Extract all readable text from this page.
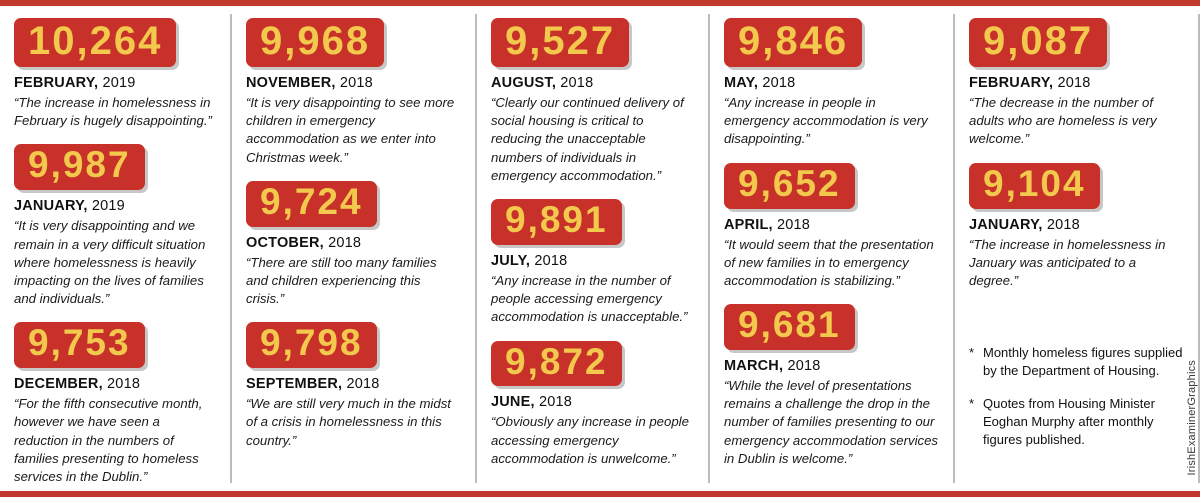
10,264
FEBRUARY, 2019

“The increase in homelessness in February is hugely disappointing.”

9,987
JANUARY, 2019

“It is very disappointing and we remain in a very difficult situation where homelessness is heavily impacting on the lives of families and individuals.”

9,753
DECEMBER, 2018

“For the fifth consecutive month, however we have seen a reduction in the numbers of families presenting to homeless services in the Dublin.”

9,968
NOVEMBER, 2018

“It is very disappointing to see more children in emergency accommodation as we enter into Christmas week.”

9,724
OCTOBER, 2018

“There are still too many families and children experiencing this crisis.”

9,798
SEPTEMBER, 2018

“We are still very much in the midst of a crisis in homelessness in this country.”

9,527
AUGUST, 2018

“Clearly our continued delivery of social housing is critical to reducing the unacceptable numbers of individuals in emergency accommodation.”

9,891
JULY, 2018

“Any increase in the number of people accessing emergency accommodation is unacceptable.”

9,872
JUNE, 2018

“Obviously any increase in people accessing emergency accommodation is unwelcome.”

9,846
MAY, 2018

“Any increase in people in emergency accommodation is very disappointing.”

9,652
APRIL, 2018

“It would seem that the presentation of new families in to emergency accommodation is stabilizing.”

9,681
MARCH, 2018

“While the level of presentations remains a challenge the drop in the number of families presenting to our emergency accommodation services in Dublin is welcome.”

9,087
FEBRUARY, 2018

“The decrease in the number of adults who are homeless is very welcome.”

9,104
JANUARY, 2018

“The increase in homelessness in January was anticipated to a degree.”

* Monthly homeless figures supplied by the Department of Housing.
* Quotes from Housing Minister Eoghan Murphy after monthly figures published.	IrishExaminerGraphics
